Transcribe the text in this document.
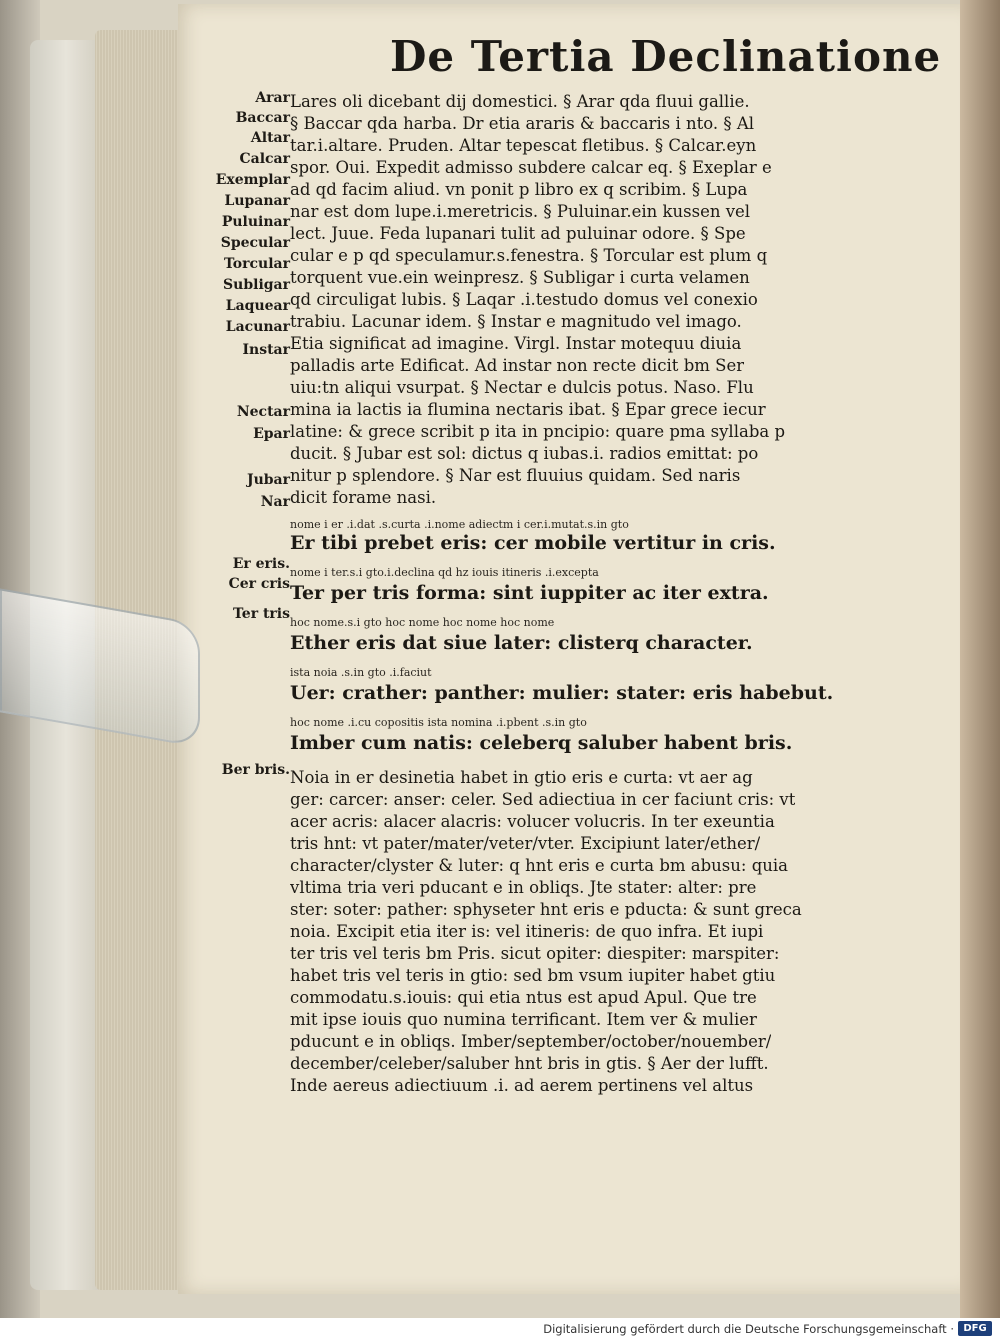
De Tertia Declinatione
Arar
Baccar
Altar
Calcar
Exemplar
Lupanar
Puluinar
Specular
Torcular
Subligar
Laquear
Lacunar
Instar
Nectar
Epar
Jubar
Nar
Er eris.
Cer cris
Ter tris
Ber bris.
Lares oli dicebant dij domestici. § Arar qda fluui gallie.
§ Baccar qda harba. Dr etia araris & baccaris i nto. § Al
tar.i.altare. Pruden. Altar tepescat fletibus. § Calcar.eyn
spor. Oui. Expedit admisso subdere calcar eq. § Exeplar e
ad qd facim aliud. vn ponit p libro ex q scribim. § Lupa
nar est dom lupe.i.meretricis. § Puluinar.ein kussen vel
lect. Juue. Feda lupanari tulit ad puluinar odore. § Spe
cular e p qd speculamur.s.fenestra. § Torcular est plum q
torquent vue.ein weinpresz. § Subligar i curta velamen
qd circuligat lubis. § Laqar .i.testudo domus vel conexio
trabiu. Lacunar idem. § Instar e magnitudo vel imago.
Etia significat ad imagine. Virgl. Instar motequu diuia
palladis arte Edificat. Ad instar non recte dicit bm Ser
uiu:tn aliqui vsurpat. § Nectar e dulcis potus. Naso. Flu
mina ia lactis ia flumina nectaris ibat. § Epar grece iecur
latine: & grece scribit p ita in pncipio: quare pma syllaba p
ducit. § Jubar est sol: dictus q iubas.i. radios emittat: po
nitur p splendore. § Nar est fluuius quidam. Sed naris
dicit forame nasi.
nome i er .i.dat .s.curta .i.nome adiectm i cer.i.mutat.s.in gto
Er tibi prebet eris: cer mobile vertitur in cris.
nome i ter.s.i gto.i.declina qd hz iouis itineris .i.excepta
Ter per tris forma: sint iuppiter ac iter extra.
hoc nome.s.i gto hoc nome hoc nome hoc nome
Ether eris dat siue later: clisterq character.
ista noia .s.in gto .i.faciut
Uer: crather: panther: mulier: stater: eris habebut.
hoc nome .i.cu copositis ista nomina .i.pbent .s.in gto
Imber cum natis: celeberq saluber habent bris.
Noia in er desinetia habet in gtio eris e curta: vt aer ag
ger: carcer: anser: celer. Sed adiectiua in cer faciunt cris: vt
acer acris: alacer alacris: volucer volucris. In ter exeuntia
tris hnt: vt pater/mater/veter/vter. Excipiunt later/ether/
character/clyster & luter: q hnt eris e curta bm abusu: quia
vltima tria veri pducant e in obliqs. Jte stater: alter: pre
ster: soter: pather: sphyseter hnt eris e pducta: & sunt greca
noia. Excipit etia iter is: vel itineris: de quo infra. Et iupi
ter tris vel teris bm Pris. sicut opiter: diespiter: marspiter:
habet tris vel teris in gtio: sed bm vsum iupiter habet gtiu
commodatu.s.iouis: qui etia ntus est apud Apul. Que tre
mit ipse iouis quo numina terrificant. Item ver & mulier
pducunt e in obliqs. Imber/september/october/nouember/
december/celeber/saluber hnt bris in gtis. § Aer der lufft.
Inde aereus adiectiuum .i. ad aerem pertinens vel altus
Digitalisierung gefördert durch die Deutsche Forschungsgemeinschaft · DFG
